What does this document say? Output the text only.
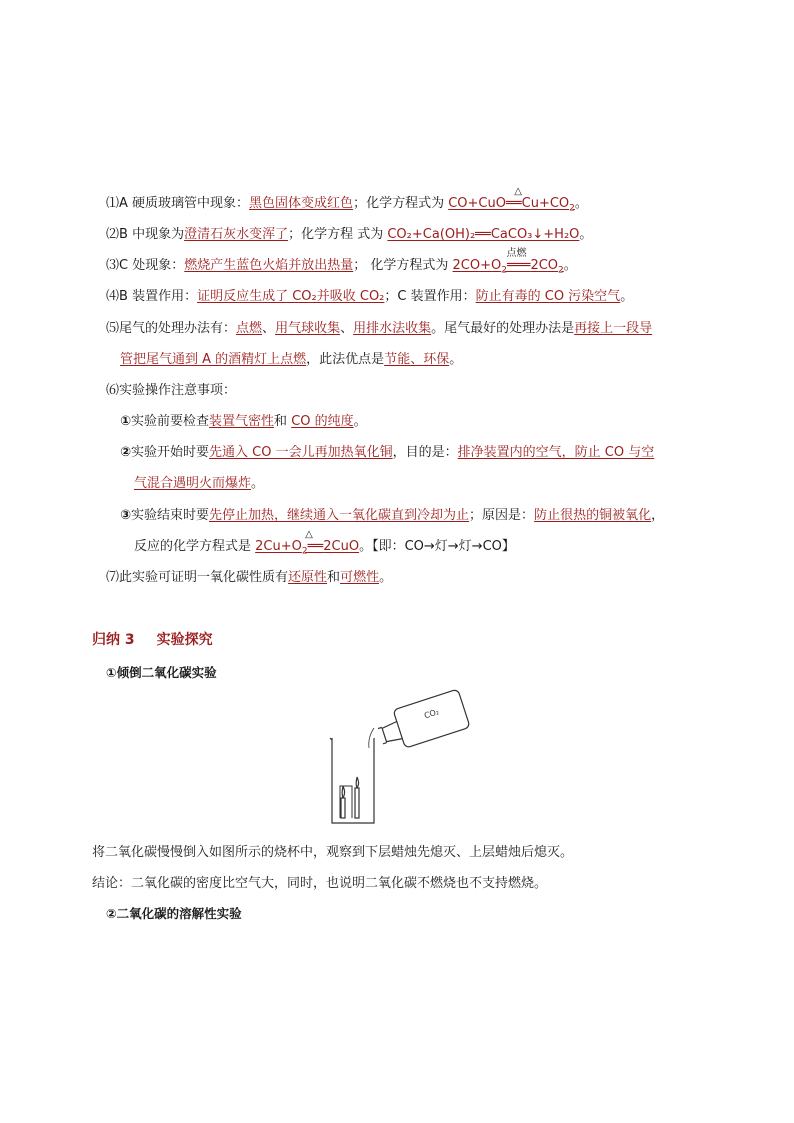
⑴A 硬质玻璃管中现象：黑色固体变成红色；化学方程式为 CO+CuO
△
$══Cu+CO_2$。
⑵B 中现象为澄清石灰水变浑了；化学方程 式为 CO₂+Ca(OH)₂══CaCO₃↓+H₂O。
⑶C 处现象：燃烧产生蓝色火焰并放出热量； 化学方程式为 $2CO+O_2$
点燃
$═══2CO_2$。
⑷B 装置作用：证明反应生成了 CO₂并吸收 CO₂；C 装置作用：防止有毒的 CO 污染空气。
⑸尾气的处理办法有：点燃、用气球收集、用排水法收集。尾气最好的处理办法是再接上一段导
管把尾气通到 A 的酒精灯上点燃，此法优点是节能、环保。
⑹实验操作注意事项：
①实验前要检查装置气密性和 CO 的纯度。
②实验开始时要先通入 CO 一会儿再加热氧化铜，目的是：排净装置内的空气，防止 CO 与空
气混合遇明火而爆炸。
③实验结束时要先停止加热，继续通入一氧化碳直到冷却为止；原因是：防止很热的铜被氧化，
反应的化学方程式是 $2Cu+O_2$
△
══2CuO。【即：CO→灯→灯→CO】
⑺此实验可证明一氧化碳性质有还原性和可燃性。
归纳 3 实验探究
①倾倒二氧化碳实验
CO₂
将二氧化碳慢慢倒入如图所示的烧杯中，观察到下层蜡烛先熄灭、上层蜡烛后熄灭。
结论：二氧化碳的密度比空气大，同时，也说明二氧化碳不燃烧也不支持燃烧。
②二氧化碳的溶解性实验
